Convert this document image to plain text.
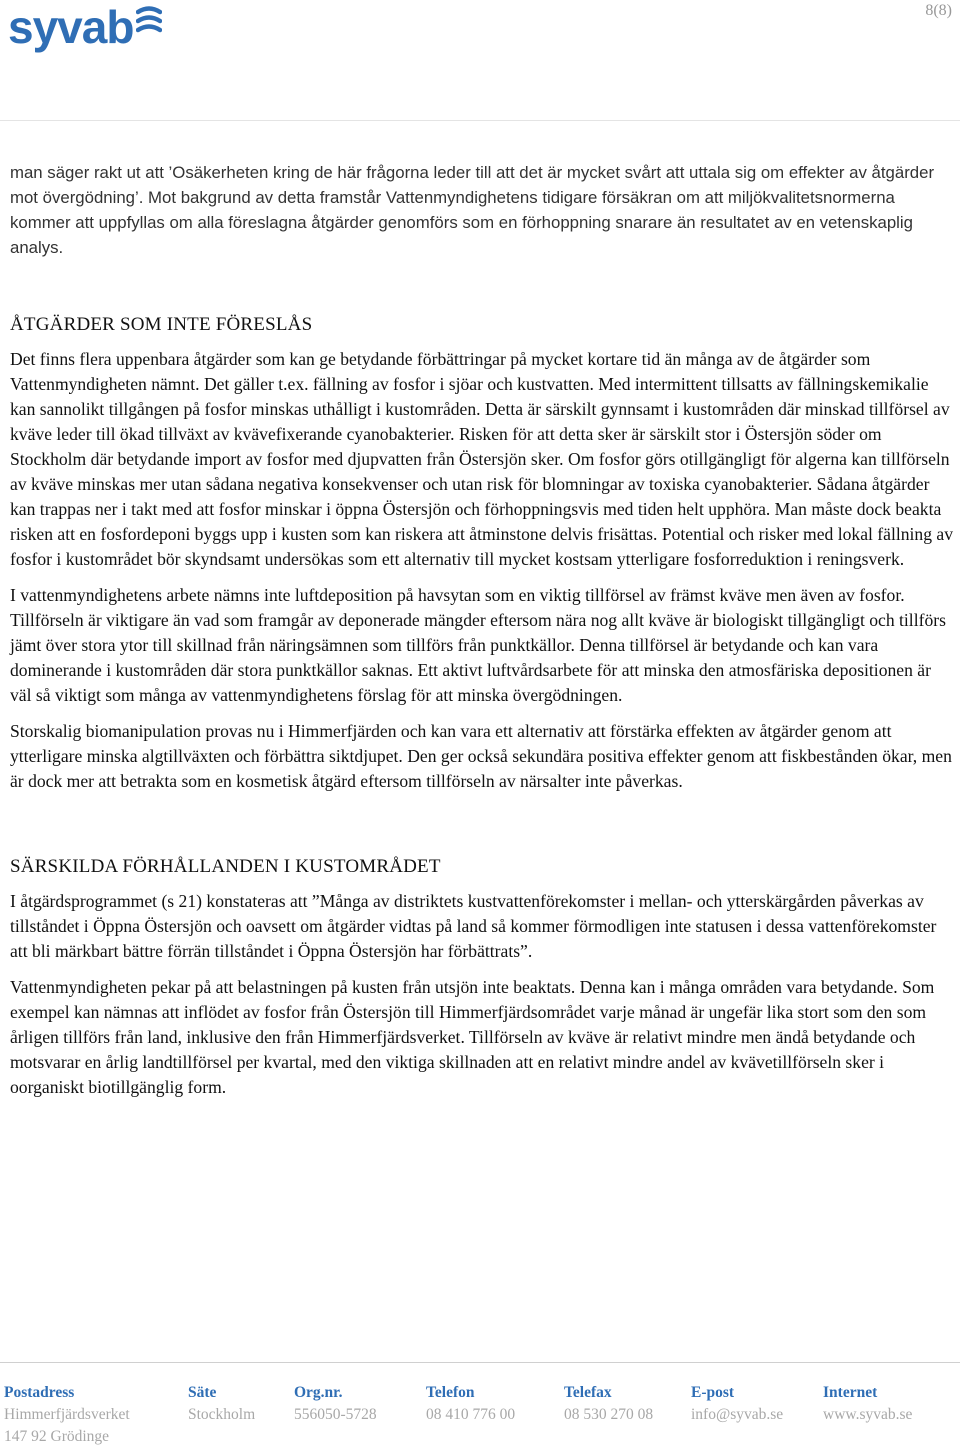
syvab	8(8)

man säger rakt ut att ’Osäkerheten kring de här frågorna leder till att det är mycket svårt att uttala sig om effekter av åtgärder mot övergödning’. Mot bakgrund av detta framstår Vattenmyndighetens tidigare försäkran om att miljökvalitetsnormerna kommer att uppfyllas om alla föreslagna åtgärder genomförs som en förhoppning snarare än resultatet av en vetenskaplig analys.

ÅTGÄRDER SOM INTE FÖRESLÅS

Det finns flera uppenbara åtgärder som kan ge betydande förbättringar på mycket kortare tid än många av de åtgärder som Vattenmyndigheten nämnt. Det gäller t.ex. fällning av fosfor i sjöar och kustvatten. Med intermittent tillsatts av fällningskemikalie kan sannolikt tillgången på fosfor minskas uthålligt i kustområden. Detta är särskilt gynnsamt i kustområden där minskad tillförsel av kväve leder till ökad tillväxt av kvävefixerande cyanobakterier. Risken för att detta sker är särskilt stor i Östersjön söder om Stockholm där betydande import av fosfor med djupvatten från Östersjön sker. Om fosfor görs otillgängligt för algerna kan tillförseln av kväve minskas mer utan sådana negativa konsekvenser och utan risk för blomningar av toxiska cyanobakterier. Sådana åtgärder kan trappas ner i takt med att fosfor minskar i öppna Östersjön och förhoppningsvis med tiden helt upphöra. Man måste dock beakta risken att en fosfordeponi byggs upp i kusten som kan riskera att åtminstone delvis frisättas. Potential och risker med lokal fällning av fosfor i kustområdet bör skyndsamt undersökas som ett alternativ till mycket kostsam ytterligare fosforreduktion i reningsverk.

I vattenmyndighetens arbete nämns inte luftdeposition på havsytan som en viktig tillförsel av främst kväve men även av fosfor. Tillförseln är viktigare än vad som framgår av deponerade mängder eftersom nära nog allt kväve är biologiskt tillgängligt och tillförs jämt över stora ytor till skillnad från näringsämnen som tillförs från punktkällor. Denna tillförsel är betydande och kan vara dominerande i kustområden där stora punktkällor saknas. Ett aktivt luftvårdsarbete för att minska den atmosfäriska depositionen är väl så viktigt som många av vattenmyndighetens förslag för att minska övergödningen.

Storskalig biomanipulation provas nu i Himmerfjärden och kan vara ett alternativ att förstärka effekten av åtgärder genom att ytterligare minska algtillväxten och förbättra siktdjupet. Den ger också sekundära positiva effekter genom att fiskbestånden ökar, men är dock mer att betrakta som en kosmetisk åtgärd eftersom tillförseln av närsalter inte påverkas.

SÄRSKILDA FÖRHÅLLANDEN I KUSTOMRÅDET

I åtgärdsprogrammet (s 21) konstateras att ”Många av distriktets kustvattenförekomster i mellan- och ytterskärgården påverkas av tillståndet i Öppna Östersjön och oavsett om åtgärder vidtas på land så kommer förmodligen inte statusen i dessa vattenförekomster att bli märkbart bättre förrän tillståndet i Öppna Östersjön har förbättrats”.

Vattenmyndigheten pekar på att belastningen på kusten från utsjön inte beaktats. Denna kan i många områden vara betydande. Som exempel kan nämnas att inflödet av fosfor från Östersjön till Himmerfjärdsområdet varje månad är ungefär lika stort som den som årligen tillförs från land, inklusive den från Himmerfjärdsverket. Tillförseln av kväve är relativt mindre men ändå betydande och motsvarar en årlig landtillförsel per kvartal, med den viktiga skillnaden att en relativt mindre andel av kvävetillförseln sker i oorganiskt biotillgänglig form.

Postadress
Himmerfjärdsverket
147 92 Grödinge
Säte
Stockholm
Org.nr.
556050-5728
Telefon
08 410 776 00
Telefax
08 530 270 08
E-post
info@syvab.se
Internet
www.syvab.se
